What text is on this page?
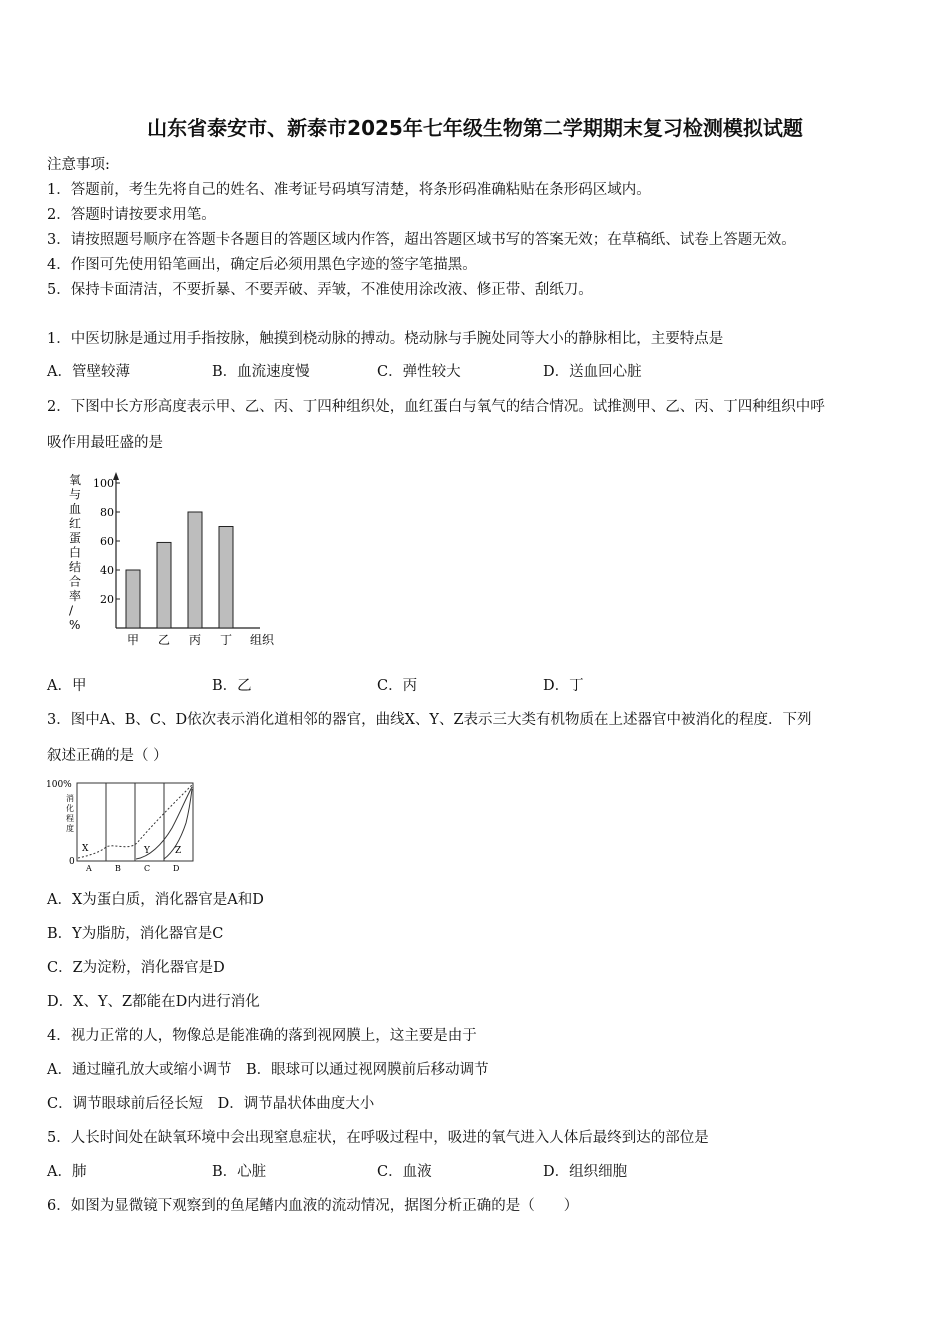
山东省泰安市、新泰市2025年七年级生物第二学期期末复习检测模拟试题
注意事项:
1．答题前，考生先将自己的姓名、准考证号码填写清楚，将条形码准确粘贴在条形码区域内。
2．答题时请按要求用笔。
3．请按照题号顺序在答题卡各题目的答题区域内作答，超出答题区域书写的答案无效；在草稿纸、试卷上答题无效。
4．作图可先使用铅笔画出，确定后必须用黑色字迹的签字笔描黑。
5．保持卡面清洁，不要折暴、不要弄破、弄皱，不准使用涂改液、修正带、刮纸刀。
1．中医切脉是通过用手指按脉，触摸到桡动脉的搏动。桡动脉与手腕处同等大小的静脉相比，主要特点是
A．管壁较薄	B．血流速度慢	C．弹性较大	D．送血回心脏
2．下图中长方形高度表示甲、乙、丙、丁四种组织处，血红蛋白与氧气的结合情况。试推测甲、乙、丙、丁四种组织中呼
吸作用最旺盛的是
氧与血红蛋白结合率/ %
100
80
60
40
20
甲 乙 丙 丁 组织
A．甲	B．乙	C．丙	D．丁
3．图中A、B、C、D依次表示消化道相邻的器官，曲线X、Y、Z表示三大类有机物质在上述器官中被消化的程度．下列
叙述正确的是（ ）
100%
消 化 程 度
0
X	Y	Z
A	B	C	D
A．X为蛋白质，消化器官是A和D
B．Y为脂肪，消化器官是C
C．Z为淀粉，消化器官是D
D．X、Y、Z都能在D内进行消化
4．视力正常的人，物像总是能准确的落到视网膜上，这主要是由于
A．通过瞳孔放大或缩小调节　B．眼球可以通过视网膜前后移动调节
C．调节眼球前后径长短　D．调节晶状体曲度大小
5．人长时间处在缺氧环境中会出现窒息症状，在呼吸过程中，吸进的氧气进入人体后最终到达的部位是
A．肺	B．心脏	C．血液	D．组织细胞
6．如图为显微镜下观察到的鱼尾鳍内血液的流动情况，据图分析正确的是（　　）
